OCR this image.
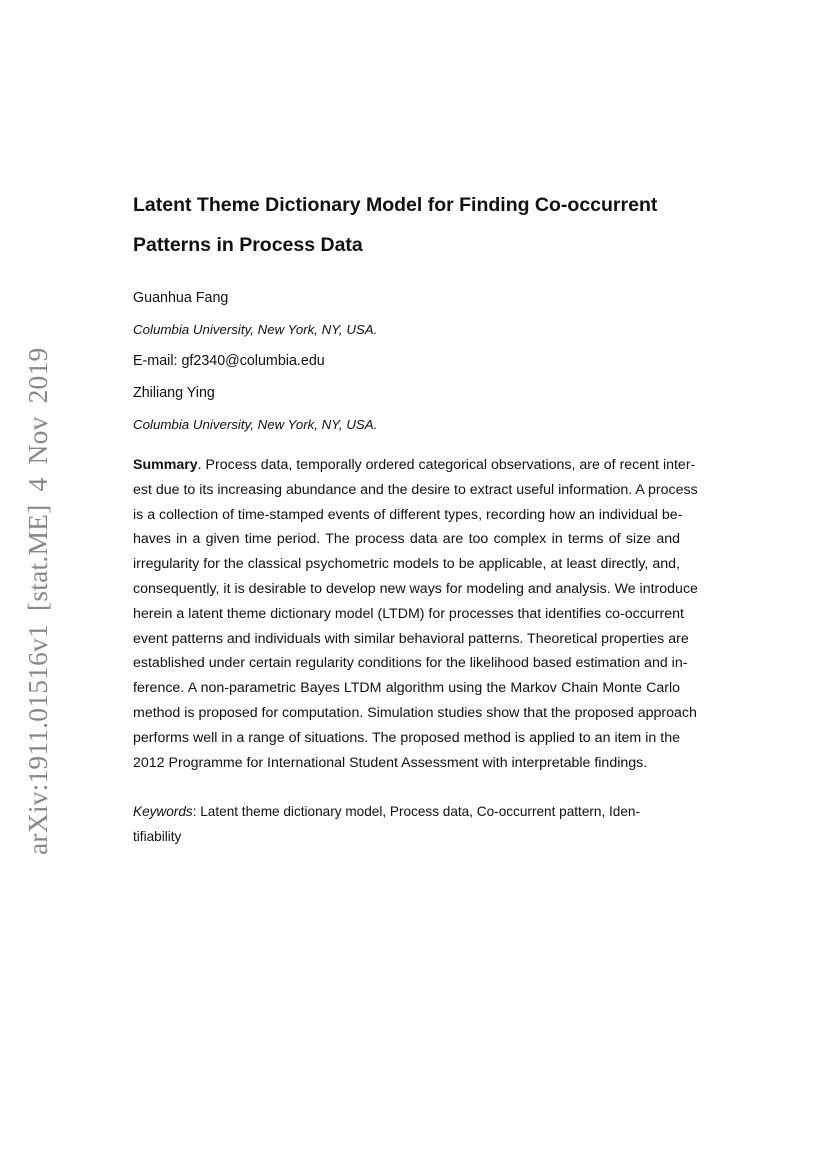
arXiv:1911.01516v1 [stat.ME] 4 Nov 2019
Latent Theme Dictionary Model for Finding Co-occurrent
Patterns in Process Data
Guanhua Fang
Columbia University, New York, NY, USA.
E-mail: gf2340@columbia.edu
Zhiliang Ying
Columbia University, New York, NY, USA.
Summary. Process data, temporally ordered categorical observations, are of recent inter-
est due to its increasing abundance and the desire to extract useful information. A process
is a collection of time-stamped events of different types, recording how an individual be-
haves in a given time period. The process data are too complex in terms of size and
irregularity for the classical psychometric models to be applicable, at least directly, and,
consequently, it is desirable to develop new ways for modeling and analysis. We introduce
herein a latent theme dictionary model (LTDM) for processes that identifies co-occurrent
event patterns and individuals with similar behavioral patterns. Theoretical properties are
established under certain regularity conditions for the likelihood based estimation and in-
ference. A non-parametric Bayes LTDM algorithm using the Markov Chain Monte Carlo
method is proposed for computation. Simulation studies show that the proposed approach
performs well in a range of situations. The proposed method is applied to an item in the
2012 Programme for International Student Assessment with interpretable findings.
Keywords: Latent theme dictionary model, Process data, Co-occurrent pattern, Iden-
tifiability
